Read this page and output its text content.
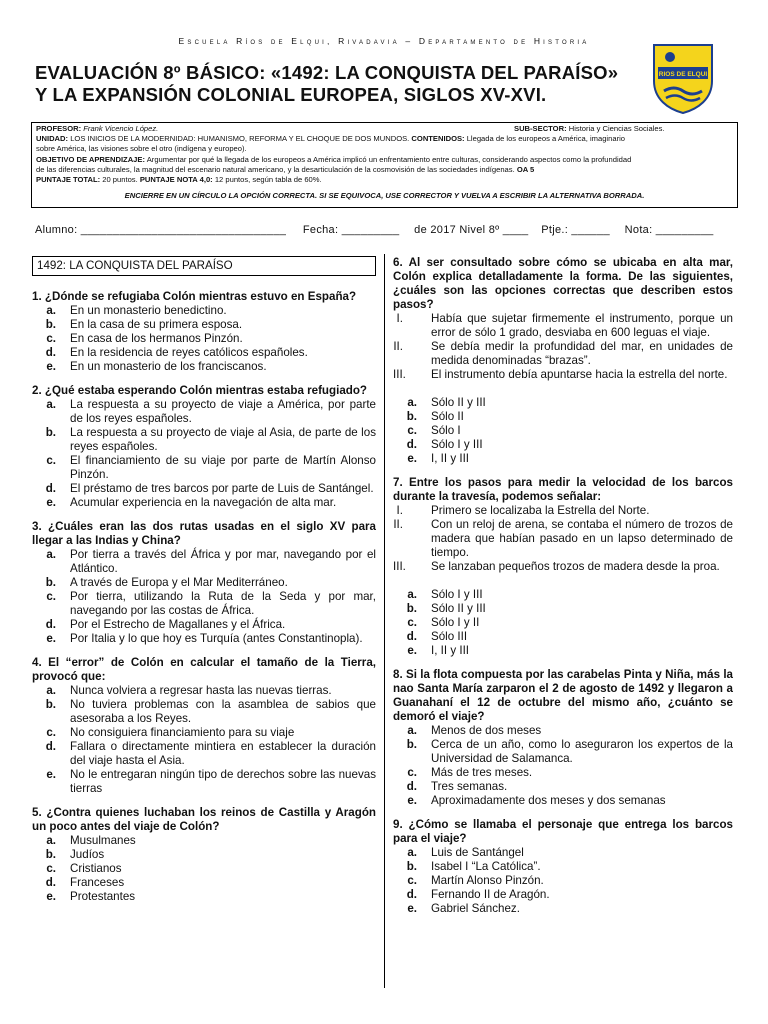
Escuela Ríos de Elqui, Rivadavia – Departamento de Historia
EVALUACIÓN 8º BÁSICO: «1492: LA CONQUISTA DEL PARAÍSO»
Y LA EXPANSIÓN COLONIAL EUROPEA, SIGLOS XV-XVI.
RIOS DE ELQUI
PROFESOR: Frank Vicencio López.	SUB-SECTOR: Historia y Ciencias Sociales.
UNIDAD: LOS INICIOS DE LA MODERNIDAD: HUMANISMO, REFORMA Y EL CHOQUE DE DOS MUNDOS. CONTENIDOS: Llegada de los europeos a América, imaginario
sobre América, las visiones sobre el otro (indígena y europeo).
OBJETIVO DE APRENDIZAJE: Argumentar por qué la llegada de los europeos a América implicó un enfrentamiento entre culturas, considerando aspectos como la profundidad
de las diferencias culturales, la magnitud del escenario natural americano, y la desarticulación de la cosmovisión de las sociedades indígenas. OA 5
PUNTAJE TOTAL: 20 puntos. PUNTAJE NOTA 4,0: 12 puntos, según tabla de 60%.
ENCIERRE EN UN CÍRCULO LA OPCIÓN CORRECTA. SI SE EQUIVOCA, USE CORRECTOR Y VUELVA A ESCRIBIR LA ALTERNATIVA BORRADA.
Alumno: ________________________________ Fecha: _________ de 2017 Nivel 8º ____ Ptje.: ______ Nota: _________
1492: LA CONQUISTA DEL PARAÍSO
1. ¿Dónde se refugiaba Colón mientras estuvo en España?
a.	En un monasterio benedictino.
b.	En la casa de su primera esposa.
c.	En casa de los hermanos Pinzón.
d.	En la residencia de reyes católicos españoles.
e.	En un monasterio de los franciscanos.
2. ¿Qué estaba esperando Colón mientras estaba refugiado?
a.	La respuesta a su proyecto de viaje a América, por parte de los reyes españoles.
b.	La respuesta a su proyecto de viaje al Asia, de parte de los reyes españoles.
c.	El financiamiento de su viaje por parte de Martín Alonso Pinzón.
d.	El préstamo de tres barcos por parte de Luis de Santángel.
e.	Acumular experiencia en la navegación de alta mar.
3. ¿Cuáles eran las dos rutas usadas en el siglo XV para llegar a las Indias y China?
a.	Por tierra a través del África y por mar, navegando por el Atlántico.
b.	A través de Europa y el Mar Mediterráneo.
c.	Por tierra, utilizando la Ruta de la Seda y por mar, navegando por las costas de África.
d.	Por el Estrecho de Magallanes y el África.
e.	Por Italia y lo que hoy es Turquía (antes Constantinopla).
4. El “error” de Colón en calcular el tamaño de la Tierra, provocó que:
a.	Nunca volviera a regresar hasta las nuevas tierras.
b.	No tuviera problemas con la asamblea de sabios que asesoraba a los Reyes.
c.	No consiguiera financiamiento para su viaje
d.	Fallara o directamente mintiera en establecer la duración del viaje hasta el Asia.
e.	No le entregaran ningún tipo de derechos sobre las nuevas tierras
5. ¿Contra quienes luchaban los reinos de Castilla y Aragón un poco antes del viaje de Colón?
a.	Musulmanes
b.	Judíos
c.	Cristianos
d.	Franceses
e.	Protestantes
6. Al ser consultado sobre cómo se ubicaba en alta mar, Colón explica detalladamente la forma. De las siguientes, ¿cuáles son las opciones correctas que describen estos pasos?
I.	Había que sujetar firmemente el instrumento, porque un error de sólo 1 grado, desviaba en 600 leguas el viaje.
II.	Se debía medir la profundidad del mar, en unidades de medida denominadas “brazas”.
III.	El instrumento debía apuntarse hacia la estrella del norte.
a.	Sólo II y III
b.	Sólo II
c.	Sólo I
d.	Sólo I y III
e.	I, II y III
7. Entre los pasos para medir la velocidad de los barcos durante la travesía, podemos señalar:
I.	Primero se localizaba la Estrella del Norte.
II.	Con un reloj de arena, se contaba el número de trozos de madera que habían pasado en un lapso determinado de tiempo.
III.	Se lanzaban pequeños trozos de madera desde la proa.
a.	Sólo I y III
b.	Sólo II y III
c.	Sólo I y II
d.	Sólo III
e.	I, II y III
8. Si la flota compuesta por las carabelas Pinta y Niña, más la nao Santa María zarparon el 2 de agosto de 1492 y llegaron a Guanahaní el 12 de octubre del mismo año, ¿cuánto se demoró el viaje?
a.	Menos de dos meses
b.	Cerca de un año, como lo aseguraron los expertos de la Universidad de Salamanca.
c.	Más de tres meses.
d.	Tres semanas.
e.	Aproximadamente dos meses y dos semanas
9. ¿Cómo se llamaba el personaje que entrega los barcos para el viaje?
a.	Luis de Santángel
b.	Isabel I “La Católica”.
c.	Martín Alonso Pinzón.
d.	Fernando II de Aragón.
e.	Gabriel Sánchez.
